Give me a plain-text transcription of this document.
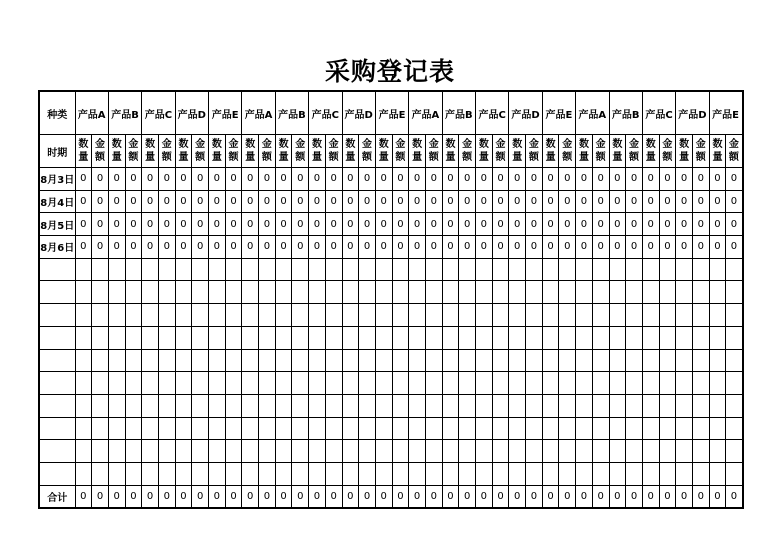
采购登记表
种类	产品A		产品B		产品C		产品D		产品E		产品A		产品B		产品C		产品D		产品E		产品A		产品B		产品C		产品D		产品E		产品A		产品B		产品C		产品D		产品E	
时期	数量	金额	数量	金额	数量	金额	数量	金额	数量	金额	数量	金额	数量	金额	数量	金额	数量	金额	数量	金额	数量	金额	数量	金额	数量	金额	数量	金额	数量	金额	数量	金额	数量	金额	数量	金额	数量	金额	数量	金额
8月3日	0	0	0	0	0	0	0	0	0	0	0	0	0	0	0	0	0	0	0	0	0	0	0	0	0	0	0	0	0	0	0	0	0	0	0	0	0	0	0	0
8月4日	0	0	0	0	0	0	0	0	0	0	0	0	0	0	0	0	0	0	0	0	0	0	0	0	0	0	0	0	0	0	0	0	0	0	0	0	0	0	0	0
8月5日	0	0	0	0	0	0	0	0	0	0	0	0	0	0	0	0	0	0	0	0	0	0	0	0	0	0	0	0	0	0	0	0	0	0	0	0	0	0	0	0
8月6日	0	0	0	0	0	0	0	0	0	0	0	0	0	0	0	0	0	0	0	0	0	0	0	0	0	0	0	0	0	0	0	0	0	0	0	0	0	0	0	0

合计	0	0	0	0	0	0	0	0	0	0	0	0	0	0	0	0	0	0	0	0	0	0	0	0	0	0	0	0	0	0	0	0	0	0	0	0	0	0	0	0
